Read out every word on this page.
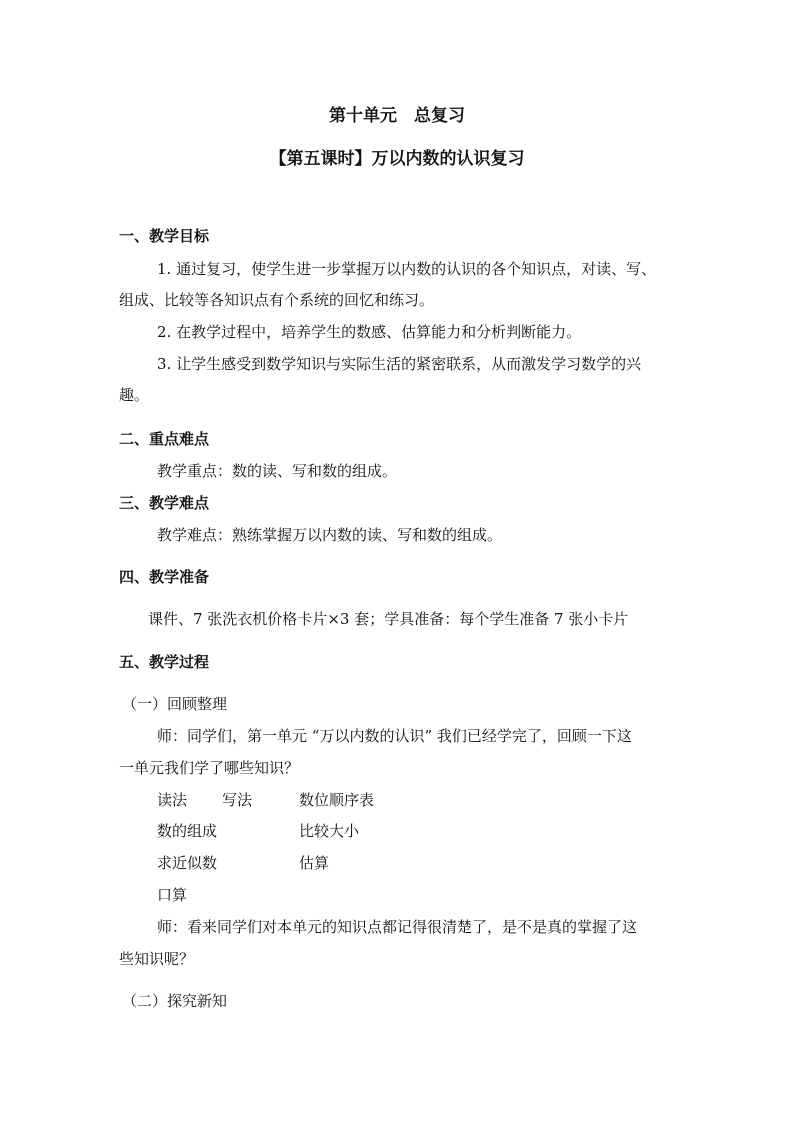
第十单元　总复习
【第五课时】万以内数的认识复习
一、教学目标
1. 通过复习，使学生进一步掌握万以内数的认识的各个知识点，对读、写、
组成、比较等各知识点有个系统的回忆和练习。
2. 在教学过程中，培养学生的数感、估算能力和分析判断能力。
3. 让学生感受到数学知识与实际生活的紧密联系，从而激发学习数学的兴
趣。
二、重点难点
教学重点：数的读、写和数的组成。
三、教学难点
教学难点：熟练掌握万以内数的读、写和数的组成。
四、教学准备
课件、7 张洗衣机价格卡片×3 套；学具准备：每个学生准备 7 张小卡片
五、教学过程
（一）回顾整理
师：同学们，第一单元 “万以内数的认识” 我们已经学完了，回顾一下这
一单元我们学了哪些知识？
读法 写法	数位顺序表
数的组成	比较大小
求近似数	估算
口算
师：看来同学们对本单元的知识点都记得很清楚了，是不是真的掌握了这
些知识呢？
（二）探究新知
